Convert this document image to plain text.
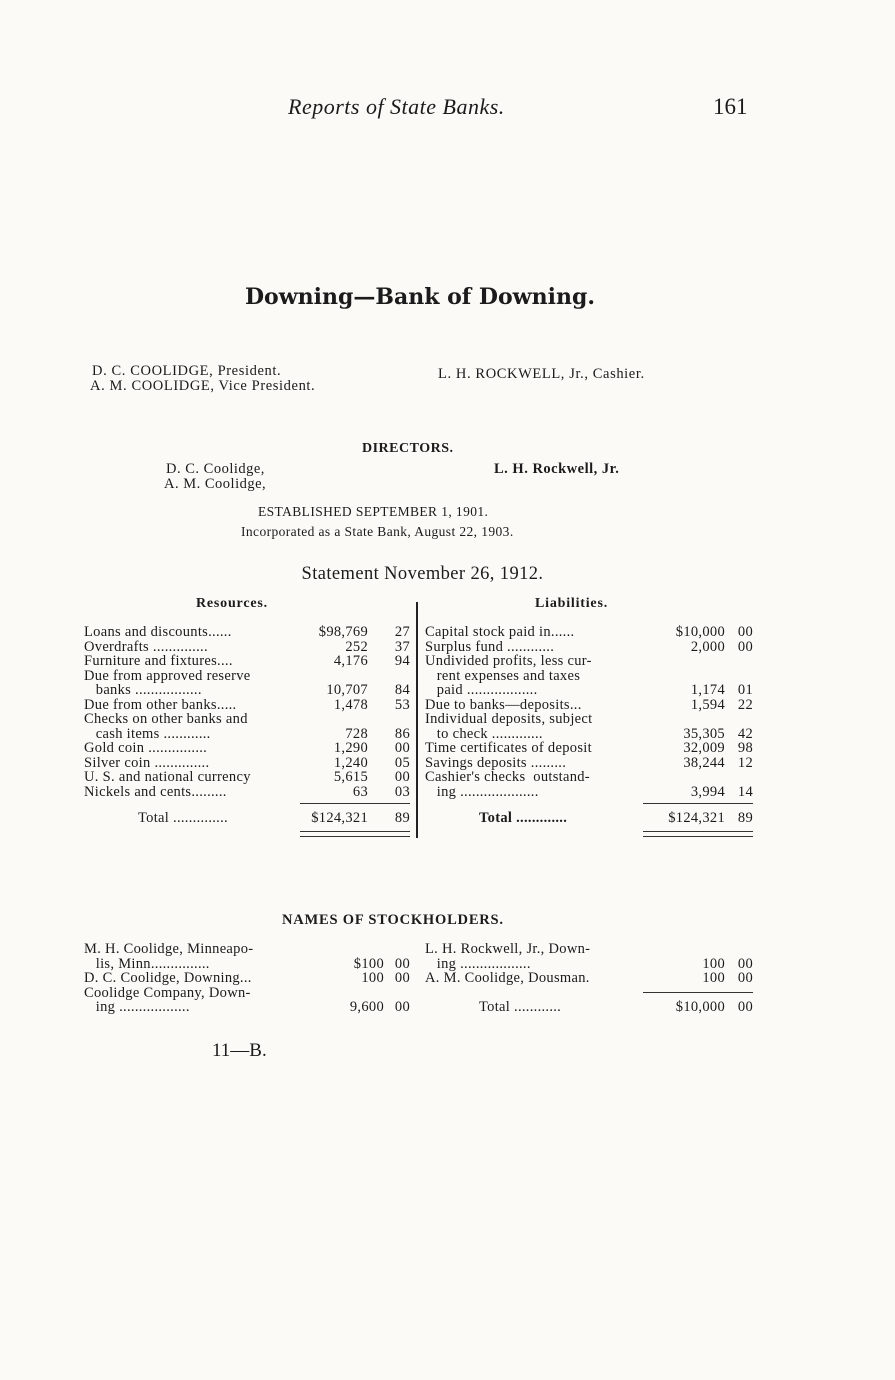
Reports of State Banks.	161
Downing—Bank of Downing.
D. C. COOLIDGE, President.
A. M. COOLIDGE, Vice President.
L. H. ROCKWELL, Jr., Cashier.
DIRECTORS.
D. C. Coolidge,
A. M. Coolidge,
L. H. Rockwell, Jr.
ESTABLISHED SEPTEMBER 1, 1901.
Incorporated as a State Bank, August 22, 1903.
Statement November 26, 1912.
Resources.	Liabilities.
Loans and discounts......	$98,769	27
Overdrafts ..............	252	37
Furniture and fixtures....	4,176	94
Due from approved reserve
banks .................	10,707	84
Due from other banks.....	1,478	53
Checks on other banks and
cash items ............	728	86
Gold coin ...............	1,290	00
Silver coin ..............	1,240	05
U. S. and national currency	5,615	00
Nickels and cents.........	63	03
Total ..............	$124,321	89
Capital stock paid in......	$10,000 00
Surplus fund ............	2,000 00
Undivided profits, less cur-
rent expenses and taxes
paid ..................	1,174 01
Due to banks—deposits...	1,594 22
Individual deposits, subject
to check .............	35,305 42
Time certificates of deposit	32,009 98
Savings deposits .........	38,244 12
Cashier's checks  outstand-
ing ....................	3,994 14
Total .............	$124,321 89
NAMES OF STOCKHOLDERS.
M. H. Coolidge, Minneapo-
lis, Minn...............	$100 00
D. C. Coolidge, Downing...	100 00
Coolidge Company, Down-
ing ..................	9,600 00
L. H. Rockwell, Jr., Down-
ing ..................	100 00
A. M. Coolidge, Dousman.	100 00
Total ............	$10,000 00
11—B.
